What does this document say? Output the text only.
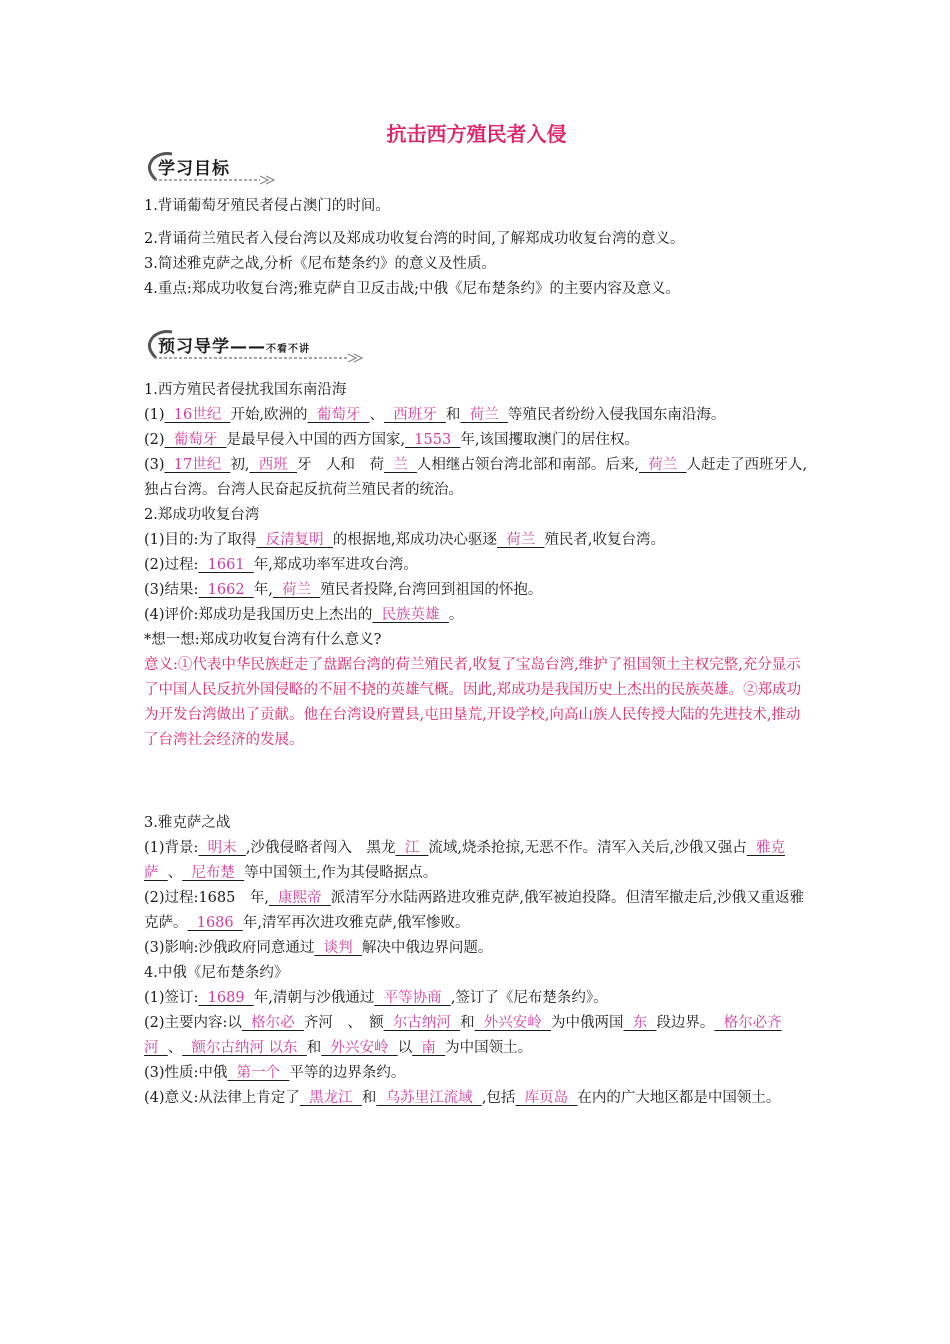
抗击西方殖民者入侵
学习目标
1.背诵葡萄牙殖民者侵占澳门的时间。
2.背诵荷兰殖民者入侵台湾以及郑成功收复台湾的时间,了解郑成功收复台湾的意义。
3.简述雅克萨之战,分析《尼布楚条约》的意义及性质。
4.重点:郑成功收复台湾;雅克萨自卫反击战;中俄《尼布楚条约》的主要内容及意义。
预习导学——不看不讲
1.西方殖民者侵扰我国东南沿海
(1)  16世纪  开始,欧洲的  葡萄牙  、  西班牙  和  荷兰  等殖民者纷纷入侵我国东南沿海。
(2)  葡萄牙  是最早侵入中国的西方国家,  1553  年,该国攫取澳门的居住权。
(3)  17世纪  初,  西班  牙　人和　荷  兰  人相继占领台湾北部和南部。后来,  荷兰  人赶走了西班牙人,独占台湾。台湾人民奋起反抗荷兰殖民者的统治。
2.郑成功收复台湾
(1)目的:为了取得  反清复明  的根据地,郑成功决心驱逐  荷兰  殖民者,收复台湾。
(2)过程:  1661  年,郑成功率军进攻台湾。
(3)结果:  1662  年,  荷兰  殖民者投降,台湾回到祖国的怀抱。
(4)评价:郑成功是我国历史上杰出的  民族英雄  。
*想一想:郑成功收复台湾有什么意义?
意义:①代表中华民族赶走了盘踞台湾的荷兰殖民者,收复了宝岛台湾,维护了祖国领土主权完整,充分显示了中国人民反抗外国侵略的不屈不挠的英雄气概。因此,郑成功是我国历史上杰出的民族英雄。②郑成功为开发台湾做出了贡献。他在台湾设府置县,屯田垦荒,开设学校,向高山族人民传授大陆的先进技术,推动了台湾社会经济的发展。
3.雅克萨之战
(1)背景:  明末  ,沙俄侵略者闯入　黑龙  江  流域,烧杀抢掠,无恶不作。清军入关后,沙俄又强占  雅克萨  、  尼布楚  等中国领土,作为其侵略据点。
(2)过程:1685　年,  康熙帝  派清军分水陆两路进攻雅克萨,俄军被迫投降。但清军撤走后,沙俄又重返雅克萨。  1686  年,清军再次进攻雅克萨,俄军惨败。
(3)影响:沙俄政府同意通过  谈判  解决中俄边界问题。
4.中俄《尼布楚条约》
(1)签订:  1689  年,清朝与沙俄通过  平等协商  ,签订了《尼布楚条约》。
(2)主要内容:以  格尔必  齐河　、　额  尔古纳河  和  外兴安岭  为中俄两国  东  段边界。  格尔必齐河  、  额尔古纳河 以东  和  外兴安岭  以  南  为中国领土。
(3)性质:中俄  第一个  平等的边界条约。
(4)意义:从法律上肯定了  黑龙江  和  乌苏里江流域  ,包括  库页岛  在内的广大地区都是中国领土。
